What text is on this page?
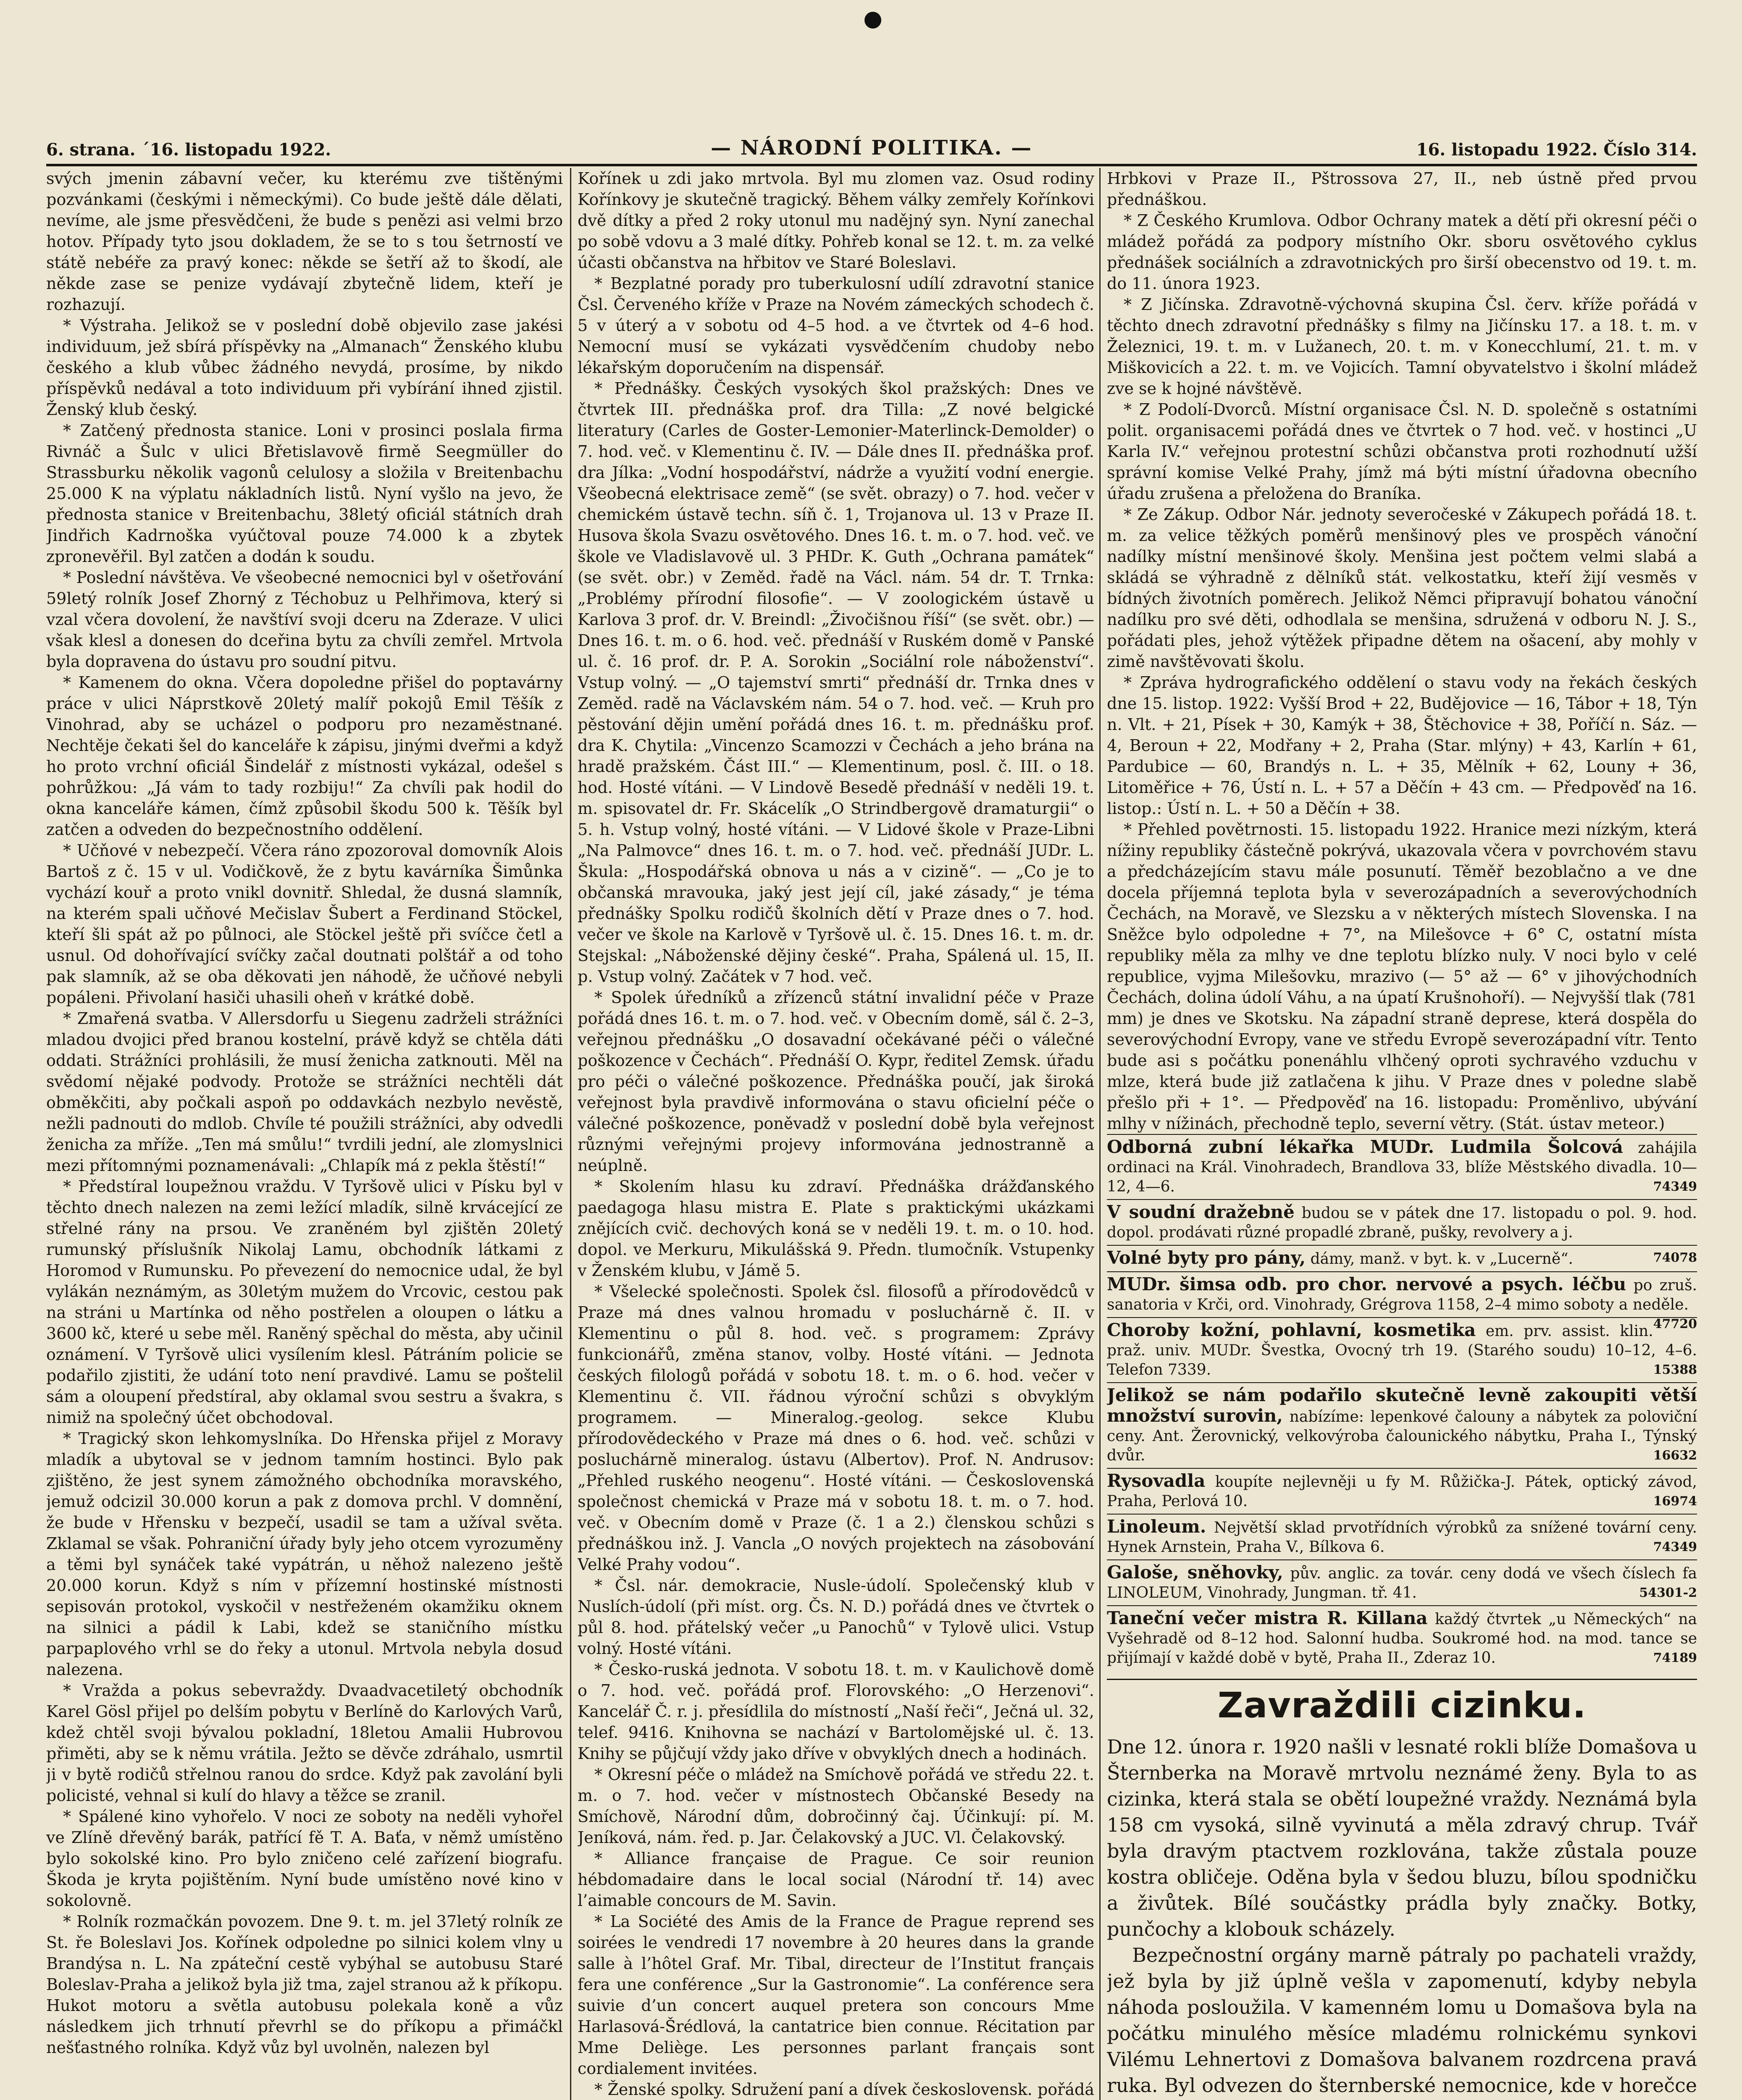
6. strana. ´16. listopadu 1922.	— NÁRODNÍ POLITIKA. —	16. listopadu 1922. Číslo 314.

svých jmenin zábavní večer, ku kterému zve tištěnými pozvánkami (českými i německými). Co bude ještě dále dělati, nevíme, ale jsme přesvědčeni, že bude s penězi asi velmi brzo hotov. Případy tyto jsou dokladem, že se to s tou šetrností ve státě nebéře za pravý konec: někde se šetří až to škodí, ale někde zase se penize vydávají zbytečně lidem, kteří je rozhazují.

* Výstraha. Jelikož se v poslední době objevilo zase jakési individuum, jež sbírá příspěvky na „Almanach“ Ženského klubu českého a klub vůbec žádného nevydá, prosíme, by nikdo příspěvků nedával a toto individuum při vybírání ihned zjistil. Ženský klub český.

* Zatčený přednosta stanice. Loni v prosinci poslala firma Rivnáč a Šulc v ulici Břetislavově firmě Seegmüller do Strassburku několik vagonů celulosy a složila v Breitenbachu 25.000 K na výplatu nákladních listů. Nyní vyšlo na jevo, že přednosta stanice v Breitenbachu, 38letý oficiál státních drah Jindřich Kadrnoška vyúčtoval pouze 74.000 k a zbytek zpronevěřil. Byl zatčen a dodán k soudu.

* Poslední návštěva. Ve všeobecné nemocnici byl v ošetřování 59letý rolník Josef Zhorný z Téchobuz u Pelhřimova, který si vzal včera dovolení, že navštíví svoji dceru na Zderaze. V ulici však klesl a donesen do dceřina bytu za chvíli zemřel. Mrtvola byla dopravena do ústavu pro soudní pitvu.

* Kamenem do okna. Včera dopoledne přišel do poptavárny práce v ulici Náprstkově 20letý malíř pokojů Emil Těšík z Vinohrad, aby se ucházel o podporu pro nezaměstnané. Nechtěje čekati šel do kanceláře k zápisu, jinými dveřmi a když ho proto vrchní oficiál Šindelář z místnosti vykázal, odešel s pohrůžkou: „Já vám to tady rozbiju!“ Za chvíli pak hodil do okna kanceláře kámen, čímž způsobil škodu 500 k. Těšík byl zatčen a odveden do bezpečnostního oddělení.

* Učňové v nebezpečí. Včera ráno zpozoroval domovník Alois Bartoš z č. 15 v ul. Vodičkově, že z bytu kavárníka Šimůnka vychází kouř a proto vnikl dovnitř. Shledal, že dusná slamník, na kterém spali učňové Mečislav Šubert a Ferdinand Stöckel, kteří šli spát až po půlnoci, ale Stöckel ještě při svíčce četl a usnul. Od dohořívající svíčky začal doutnati polštář a od toho pak slamník, až se oba děkovati jen náhodě, že učňové nebyli popáleni. Přivolaní hasiči uhasili oheň v krátké době.

* Zmařená svatba. V Allersdorfu u Siegenu zadrželi strážníci mladou dvojici před branou kostelní, právě když se chtěla dáti oddati. Strážníci prohlásili, že musí ženicha zatknouti. Měl na svědomí nějaké podvody. Protože se strážníci nechtěli dát obměkčiti, aby počkali aspoň po oddavkách nezbylo nevěstě, nežli padnouti do mdlob. Chvíle té použili strážníci, aby odvedli ženicha za mříže. „Ten má smůlu!“ tvrdili jední, ale zlomyslnici mezi přítomnými poznamenávali: „Chlapík má z pekla štěstí!“

* Předstíral loupežnou vraždu. V Tyršově ulici v Písku byl v těchto dnech nalezen na zemi ležící mladík, silně krvácející ze střelné rány na prsou. Ve zraněném byl zjištěn 20letý rumunský příslušník Nikolaj Lamu, obchodník látkami z Horomod v Rumunsku. Po převezení do nemocnice udal, že byl vylákán neznámým, as 30letým mužem do Vrcovic, cestou pak na stráni u Martínka od něho postřelen a oloupen o látku a 3600 kč, které u sebe měl. Raněný spěchal do města, aby učinil oznámení. V Tyršově ulici vysílením klesl. Pátráním policie se podařilo zjistiti, že udání toto není pravdivé. Lamu se poštelil sám a oloupení předstíral, aby oklamal svou sestru a švakra, s nimiž na společný účet obchodoval.

* Tragický skon lehkomyslníka. Do Hřenska přijel z Moravy mladík a ubytoval se v jednom tamním hostinci. Bylo pak zjištěno, že jest synem zámožného obchodníka moravského, jemuž odcizil 30.000 korun a pak z domova prchl. V domnění, že bude v Hřensku v bezpečí, usadil se tam a užíval světa. Zklamal se však. Pohraniční úřady byly jeho otcem vyrozuměny a těmi byl synáček také vypátrán, u něhož nalezeno ještě 20.000 korun. Když s ním v přízemní hostinské místnosti sepisován protokol, vyskočil v nestřeženém okamžiku oknem na silnici a pádil k Labi, kdež se staničního místku parpaplového vrhl se do řeky a utonul. Mrtvola nebyla dosud nalezena.

* Vražda a pokus sebevraždy. Dvaadvacetiletý obchodník Karel Gösl přijel po delším pobytu v Berlíně do Karlových Varů, kdež chtěl svoji bývalou pokladní, 18letou Amalii Hubrovou přiměti, aby se k němu vrátila. Ježto se děvče zdráhalo, usmrtil ji v bytě rodičů střelnou ranou do srdce. Když pak zavolání byli policisté, vehnal si kulí do hlavy a těžce se zranil.

* Spálené kino vyhořelo. V noci ze soboty na neděli vyhořel ve Zlíně dřevěný barák, patřící fě T. A. Baťa, v němž umístěno bylo sokolské kino. Pro bylo zničeno celé zařízení biografu. Škoda je kryta pojištěním. Nyní bude umístěno nové kino v sokolovně.

* Rolník rozmačkán povozem. Dne 9. t. m. jel 37letý rolník ze St. ře Boleslavi Jos. Kořínek odpoledne po silnici kolem vlny u Brandýsa n. L. Na zpáteční cestě vybýhal se autobusu Staré Boleslav-Praha a jelikož byla již tma, zajel stranou až k příkopu. Hukot motoru a světla autobusu polekala koně a vůz následkem jich trhnutí převrhl se do příkopu a přimáčkl nešťastného rolníka. Když vůz byl uvolněn, nalezen byl

Kořínek u zdi jako mrtvola. Byl mu zlomen vaz. Osud rodiny Kořínkovy je skutečně tragický. Během války zemřely Kořínkovi dvě dítky a před 2 roky utonul mu nadějný syn. Nyní zanechal po sobě vdovu a 3 malé dítky. Pohřeb konal se 12. t. m. za velké účasti občanstva na hřbitov ve Staré Boleslavi.

* Bezplatné porady pro tuberkulosní udílí zdravotní stanice Čsl. Červeného kříže v Praze na Novém zámeckých schodech č. 5 v úterý a v sobotu od 4–5 hod. a ve čtvrtek od 4–6 hod. Nemocní musí se vykázati vysvědčením chudoby nebo lékařským doporučením na dispensář.

* Přednášky. Českých vysokých škol pražských: Dnes ve čtvrtek III. přednáška prof. dra Tilla: „Z nové belgické literatury (Carles de Goster-Lemonier-Materlinck-Demolder) o 7. hod. več. v Klementinu č. IV. — Dále dnes II. přednáška prof. dra Jílka: „Vodní hospodářství, nádrže a využití vodní energie. Všeobecná elektrisace země“ (se svět. obrazy) o 7. hod. večer v chemickém ústavě techn. síň č. 1, Trojanova ul. 13 v Praze II. Husova škola Svazu osvětového. Dnes 16. t. m. o 7. hod. več. ve škole ve Vladislavově ul. 3 PHDr. K. Guth „Ochrana památek“ (se svět. obr.) v Zeměd. řadě na Václ. nám. 54 dr. T. Trnka: „Problémy přírodní filosofie“. — V zoologickém ústavě u Karlova 3 prof. dr. V. Breindl: „Živočišnou říší“ (se svět. obr.) — Dnes 16. t. m. o 6. hod. več. přednáší v Ruském domě v Panské ul. č. 16 prof. dr. P. A. Sorokin „Sociální role náboženství“. Vstup volný. — „O tajemství smrti“ přednáší dr. Trnka dnes v Zeměd. radě na Václavském nám. 54 o 7. hod. več. — Kruh pro pěstování dějin umění pořádá dnes 16. t. m. přednášku prof. dra K. Chytila: „Vincenzo Scamozzi v Čechách a jeho brána na hradě pražském. Část III.“ — Klementinum, posl. č. III. o 18. hod. Hosté vítáni. — V Lindově Besedě přednáší v neděli 19. t. m. spisovatel dr. Fr. Skácelík „O Strindbergově dramaturgii“ o 5. h. Vstup volný, hosté vítáni. — V Lidové škole v Praze-Libni „Na Palmovce“ dnes 16. t. m. o 7. hod. več. přednáší JUDr. L. Škula: „Hospodářská obnova u nás a v cizině“. — „Co je to občanská mravouka, jaký jest její cíl, jaké zásady,“ je téma přednášky Spolku rodičů školních dětí v Praze dnes o 7. hod. večer ve škole na Karlově v Tyršově ul. č. 15. Dnes 16. t. m. dr. Stejskal: „Náboženské dějiny české“. Praha, Spálená ul. 15, II. p. Vstup volný. Začátek v 7 hod. več.

* Spolek úředníků a zřízenců státní invalidní péče v Praze pořádá dnes 16. t. m. o 7. hod. več. v Obecním domě, sál č. 2–3, veřejnou přednášku „O dosavadní očekávané péči o válečné poškozence v Čechách“. Přednáší O. Kypr, ředitel Zemsk. úřadu pro péči o válečné poškozence. Přednáška poučí, jak široká veřejnost byla pravdivě informována o stavu oficielní péče o válečné poškozence, poněvadž v poslední době byla veřejnost různými veřejnými projevy informována jednostranně a neúplně.

* Skolením hlasu ku zdraví. Přednáška drážďanského paedagoga hlasu mistra E. Plate s praktickými ukázkami znějících cvič. dechových koná se v neděli 19. t. m. o 10. hod. dopol. ve Merkuru, Mikulášská 9. Předn. tlumočník. Vstupenky v Ženském klubu, v Jámě 5.

* Všelecké společnosti. Spolek čsl. filosofů a přírodovědců v Praze má dnes valnou hromadu v posluchárně č. II. v Klementinu o půl 8. hod. več. s programem: Zprávy funkcionářů, změna stanov, volby. Hosté vítáni. — Jednota českých filologů pořádá v sobotu 18. t. m. o 6. hod. večer v Klementinu č. VII. řádnou výroční schůzi s obvyklým programem. — Mineralog.-geolog. sekce Klubu přírodovědeckého v Praze má dnes o 6. hod. več. schůzi v posluchárně mineralog. ústavu (Albertov). Prof. N. Andrusov: „Přehled ruského neogenu“. Hosté vítáni. — Československá společnost chemická v Praze má v sobotu 18. t. m. o 7. hod. več. v Obecním domě v Praze (č. 1 a 2.) členskou schůzi s přednáškou inž. J. Vancla „O nových projektech na zásobování Velké Prahy vodou“.

* Čsl. nár. demokracie, Nusle-údolí. Společenský klub v Nuslích-údolí (při míst. org. Čs. N. D.) pořádá dnes ve čtvrtek o půl 8. hod. přátelský večer „u Panochů“ v Tylově ulici. Vstup volný. Hosté vítáni.

* Česko-ruská jednota. V sobotu 18. t. m. v Kaulichově domě o 7. hod. več. pořádá prof. Florovského: „O Herzenovi“. Kancelář Č. r. j. přesídlila do místností „Naší řeči“, Ječná ul. 32, telef. 9416. Knihovna se nachází v Bartolomějské ul. č. 13. Knihy se půjčují vždy jako dříve v obvyklých dnech a hodinách.

* Okresní péče o mládež na Smíchově pořádá ve středu 22. t. m. o 7. hod. večer v místnostech Občanské Besedy na Smíchově, Národní dům, dobročinný čaj. Účinkují: pí. M. Jeníková, nám. řed. p. Jar. Čelakovský a JUC. Vl. Čelakovský.

* Alliance française de Prague. Ce soir reunion hébdomadaire dans le local social (Národní tř. 14) avec l’aimable concours de M. Savin.

* La Société des Amis de la France de Prague reprend ses soirées le vendredi 17 novembre à 20 heures dans la grande salle à l’hôtel Graf. Mr. Tibal, directeur de l’Institut français fera une conférence „Sur la Gastronomie“. La conférence sera suivie d’un concert auquel pretera son concours Mme Harlasová-Šrédlová, la cantatrice bien connue. Récitation par Mme Deliège. Les personnes parlant français sont cordialement invitées.

* Ženské spolky. Sdružení paní a dívek československ. pořádá

Hrbkovi v Praze II., Pštrossova 27, II., neb ústně před prvou přednáškou.

* Z Českého Krumlova. Odbor Ochrany matek a dětí při okresní péči o mládež pořádá za podpory místního Okr. sboru osvětového cyklus přednášek sociálních a zdravotnických pro širší obecenstvo od 19. t. m. do 11. února 1923.

* Z Jičínska. Zdravotně-výchovná skupina Čsl. červ. kříže pořádá v těchto dnech zdravotní přednášky s filmy na Jičínsku 17. a 18. t. m. v Železnici, 19. t. m. v Lužanech, 20. t. m. v Konecchlumí, 21. t. m. v Miškovicích a 22. t. m. ve Vojicích. Tamní obyvatelstvo i školní mládež zve se k hojné návštěvě.

* Z Podolí-Dvorců. Místní organisace Čsl. N. D. společně s ostatními polit. organisacemi pořádá dnes ve čtvrtek o 7 hod. več. v hostinci „U Karla IV.“ veřejnou protestní schůzi občanstva proti rozhodnutí užší správní komise Velké Prahy, jímž má býti místní úřadovna obecního úřadu zrušena a přeložena do Braníka.

* Ze Zákup. Odbor Nár. jednoty severočeské v Zákupech pořádá 18. t. m. za velice těžkých poměrů menšinový ples ve prospěch vánoční nadílky místní menšinové školy. Menšina jest počtem velmi slabá a skládá se výhradně z dělníků stát. velkostatku, kteří žijí vesměs v bídných životních poměrech. Jelikož Němci připravují bohatou vánoční nadílku pro své děti, odhodlala se menšina, sdružená v odboru N. J. S., pořádati ples, jehož výtěžek připadne dětem na ošacení, aby mohly v zimě navštěvovati školu.

* Zpráva hydrografického oddělení o stavu vody na řekách českých dne 15. listop. 1922: Vyšší Brod + 22, Budějovice — 16, Tábor + 18, Týn n. Vlt. + 21, Písek + 30, Kamýk + 38, Štěchovice + 38, Poříčí n. Sáz. — 4, Beroun + 22, Modřany + 2, Praha (Star. mlýny) + 43, Karlín + 61, Pardubice — 60, Brandýs n. L. + 35, Mělník + 62, Louny + 36, Litoměřice + 76, Ústí n. L. + 57 a Děčín + 43 cm. — Předpověď na 16. listop.: Ústí n. L. + 50 a Děčín + 38.

* Přehled povětrnosti. 15. listopadu 1922. Hranice mezi nízkým, která nížiny republiky částečně pokrývá, ukazovala včera v povrchovém stavu a předcházejícím stavu mále posunutí. Těměř bezoblačno a ve dne docela příjemná teplota byla v severozápadních a severovýchodních Čechách, na Moravě, ve Slezsku a v některých místech Slovenska. I na Sněžce bylo odpoledne + 7°, na Milešovce + 6° C, ostatní místa republiky měla za mlhy ve dne teplotu blízko nuly. V noci bylo v celé republice, vyjma Milešovku, mrazivo (— 5° až — 6° v jihovýchodních Čechách, dolina údolí Váhu, a na úpatí Krušnohoří). — Nejvyšší tlak (781 mm) je dnes ve Skotsku. Na západní straně deprese, která dospěla do severovýchodní Evropy, vane ve středu Evropě severozápadní vítr. Tento bude asi s počátku ponenáhlu vlhčený oproti sychravého vzduchu v mlze, která bude již zatlačena k jihu. V Praze dnes v poledne slabě přešlo při + 1°. — Předpověď na 16. listopadu: Proměnlivo, ubývání mlhy v nížinách, přechodně teplo, severní větry. (Stát. ústav meteor.)

Odborná zubní lékařka MUDr. Ludmila Šolcová zahájila ordinaci na Král. Vinohradech, Brandlova 33, blíže Městského divadla. 10—12, 4—6.	74349
V soudní dražebně budou se v pátek dne 17. listopadu o pol. 9. hod. dopol. prodávati různé propadlé zbraně, pušky, revolvery a j.
Volné byty pro pány, dámy, manž. v byt. k. v „Lucerně“.	74078
MUDr. šimsa odb. pro chor. nervové a psych. léčbu po zruš. sanatoria v Krči, ord. Vinohrady, Grégrova 1158, 2–4 mimo soboty a neděle.
47720
Choroby kožní, pohlavní, kosmetika em. prv. assist. klin. praž. univ. MUDr. Švestka, Ovocný trh 19. (Starého soudu) 10–12, 4–6. Telefon 7339.	15388
Jelikož se nám podařilo skutečně levně zakoupiti větší množství surovin, nabízíme: lepenkové čalouny a nábytek za poloviční ceny. Ant. Žerovnický, velkovýroba čalounického nábytku, Praha I., Týnský dvůr.	16632
Rysovadla koupíte nejlevněji u fy M. Růžička-J. Pátek, optický závod, Praha, Perlová 10.	16974
Linoleum. Největší sklad prvotřídních výrobků za snížené tovární ceny. Hynek Arnstein, Praha V., Bílkova 6.	74349
Galoše, sněhovky, pův. anglic. za továr. ceny dodá ve všech číslech fa LINOLEUM, Vinohrady, Jungman. tř. 41.	54301-2
Taneční večer mistra R. Killana každý čtvrtek „u Německých“ na Vyšehradě od 8–12 hod. Salonní hudba. Soukromé hod. na mod. tance se přijímají v každé době v bytě, Praha II., Zderaz 10.	74189
Zavraždili cizinku.

Dne 12. února r. 1920 našli v lesnaté rokli blíže Domašova u Šternberka na Moravě mrtvolu neznámé ženy. Byla to as cizinka, která stala se obětí loupežné vraždy. Neznámá byla 158 cm vysoká, silně vyvinutá a měla zdravý chrup. Tvář byla dravým ptactvem rozklována, takže zůstala pouze kostra obličeje. Oděna byla v šedou bluzu, bílou spodničku a živůtek. Bílé součástky prádla byly značky. Botky, punčochy a klobouk scházely.

Bezpečnostní orgány marně pátraly po pachateli vraždy, jež byla by již úplně vešla v zapomenutí, kdyby nebyla náhoda posloužila. V kamenném lomu u Domašova byla na počátku minulého měsíce mladému rolnickému synkovi Vilému Lehnertovi z Domašova balvanem rozdrcena pravá ruka. Byl odvezen do šternberské nemocnice, kde v horečce
